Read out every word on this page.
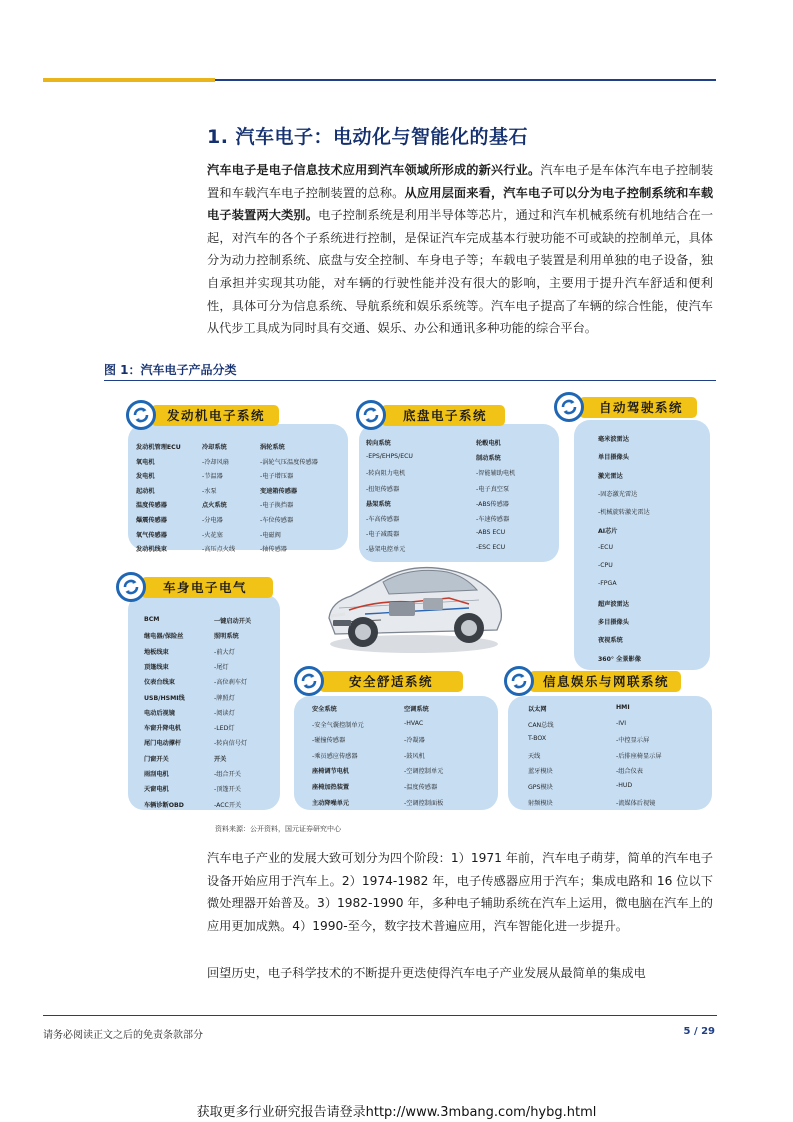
1. 汽车电子：电动化与智能化的基石

汽车电子是电子信息技术应用到汽车领域所形成的新兴行业。汽车电子是车体汽车电子控制装置和车载汽车电子控制装置的总称。从应用层面来看，汽车电子可以分为电子控制系统和车载电子装置两大类别。电子控制系统是利用半导体等芯片，通过和汽车机械系统有机地结合在一起，对汽车的各个子系统进行控制，是保证汽车完成基本行驶功能不可或缺的控制单元，具体分为动力控制系统、底盘与安全控制、车身电子等；车载电子装置是利用单独的电子设备，独自承担并实现其功能，对车辆的行驶性能并没有很大的影响，主要用于提升汽车舒适和便利性，具体可分为信息系统、导航系统和娱乐系统等。汽车电子提高了车辆的综合性能，使汽车从代步工具成为同时具有交通、娱乐、办公和通讯多种功能的综合平台。

图 1：汽车电子产品分类
发动机电子系统
发动机管理ECU
氧电机
发电机
起动机
温度传感器
爆震传感器
氧气传感器
发动机线束
冷却系统
-冷却风扇
-节温器
-水泵
点火系统
-分电器
-火花塞
-高压点火线
涡轮系统
-涡轮气压温度传感器
-电子增压器
变速箱传感器
-电子换挡器
-车位传感器
-电磁阀
-轴传感器
底盘电子系统
转向系统
-EPS/EHPS/ECU
-转向阻力电机
-扭矩传感器
悬架系统
-车高传感器
-电子减震器
-悬架电控单元
轮毂电机
制动系统
-智能辅助电机
-电子真空泵
-ABS传感器
-车速传感器
-ABS ECU
-ESC ECU
自动驾驶系统
毫米波雷达
单目摄像头
激光雷达
-固态激光雷达
-机械旋转激光雷达
AI芯片
-ECU
-CPU
-FPGA
超声波雷达
多目摄像头
夜视系统
360° 全景影像
车身电子电气
BCM
继电器/保险丝
地板线束
顶篷线束
仪表台线束
USB/HSMI线
电动后视镜
车窗升降电机
尾门电动撑杆
门窗开关
雨刮电机
天窗电机
车辆诊断OBD
一键启动开关
照明系统
-前大灯
-尾灯
-高位刹车灯
-牌照灯
-阅读灯
-LED灯
-转向信号灯
开关
-组合开关
-顶篷开关
-ACC开关
安全舒适系统
安全系统
-安全气囊控制单元
-碰撞传感器
-乘员感应传感器
座椅调节电机
座椅加热装置
主动降噪单元
空调系统
-HVAC
-冷凝器
-鼓风机
-空调控制单元
-温度传感器
-空调控制面板
信息娱乐与网联系统
以太网
CAN总线
T-BOX
天线
蓝牙模块
GPS模块
射频模块
HMI
-IVI
-中控显示屏
-后排座椅显示屏
-组合仪表
-HUD
-流媒体后视镜
资料来源：公开资料，国元证券研究中心

汽车电子产业的发展大致可划分为四个阶段：1）1971 年前，汽车电子萌芽，简单的汽车电子设备开始应用于汽车上。2）1974-1982 年，电子传感器应用于汽车；集成电路和 16 位以下微处理器开始普及。3）1982-1990 年，多种电子辅助系统在汽车上运用，微电脑在汽车上的应用更加成熟。4）1990-至今，数字技术普遍应用，汽车智能化进一步提升。

回望历史，电子科学技术的不断提升更迭使得汽车电子产业发展从最简单的集成电

请务必阅读正文之后的免责条款部分	5 / 29
获取更多行业研究报告请登录http://www.3mbang.com/hybg.html
